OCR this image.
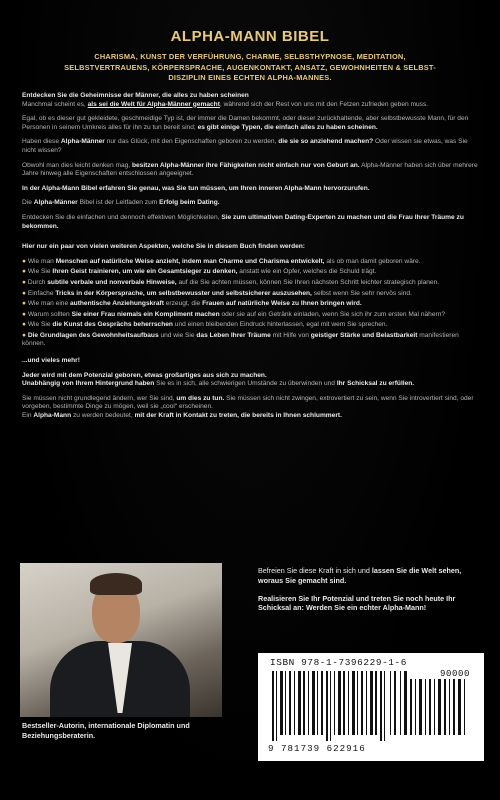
ALPHA-MANN BIBEL
CHARISMA, KUNST DER VERFÜHRUNG, CHARME, SELBSTHYPNOSE, MEDITATION, SELBSTVERTRAUENS, KÖRPERSPRACHE, AUGENKONTAKT, ANSATZ, GEWOHNHEITEN & SELBST-DISZIPLIN EINES ECHTEN ALPHA-MANNES.

Entdecken Sie die Geheimnisse der Männer, die alles zu haben scheinen
Manchmal scheint es, als sei die Welt für Alpha-Männer gemacht, während sich der Rest von uns mit den Fetzen zufrieden geben muss.

Egal, ob es dieser gut gekleidete, geschmeidige Typ ist, der immer die Damen bekommt, oder dieser zurückhaltende, aber selbstbewusste Mann, für den Personen in seinem Umkreis alles für ihn zu tun bereit sind; es gibt einige Typen, die einfach alles zu haben scheinen.

Haben diese Alpha-Männer nur das Glück, mit den Eigenschaften geboren zu werden, die sie so anziehend machen? Oder wissen sie etwas, was Sie nicht wissen?

Obwohl man dies leicht denken mag, besitzen Alpha-Männer ihre Fähigkeiten nicht einfach nur von Geburt an. Alpha-Männer haben sich über mehrere Jahre hinweg alle Eigenschaften entschlossen angeeignet.

In der Alpha-Mann Bibel erfahren Sie genau, was Sie tun müssen, um Ihren inneren Alpha-Mann hervorzurufen.

Die Alpha-Männer Bibel ist der Leitfaden zum Erfolg beim Dating.

Entdecken Sie die einfachen und dennoch effektiven Möglichkeiten, Sie zum ultimativen Dating-Experten zu machen und die Frau Ihrer Träume zu bekommen.

Hier nur ein paar von vielen weiteren Aspekten, welche Sie in diesem Buch finden werden:

● Wie man Menschen auf natürliche Weise anzieht, indem man Charme und Charisma entwickelt, als ob man damit geboren wäre.
● Wie Sie Ihren Geist trainieren, um wie ein Gesamtsieger zu denken, anstatt wie ein Opfer, welches die Schuld trägt.
● Durch subtile verbale und nonverbale Hinweise, auf die Sie achten müssen, können Sie Ihren nächsten Schritt leichter strategisch planen.
● Einfache Tricks in der Körpersprache, um selbstbewusster und selbstsicherer auszusehen, selbst wenn Sie sehr nervös sind.
● Wie man eine authentische Anziehungskraft erzeugt, die Frauen auf natürliche Weise zu Ihnen bringen wird.
● Warum sollten Sie einer Frau niemals ein Kompliment machen oder sie auf ein Getränk einladen, wenn Sie sich ihr zum ersten Mal nähern?
● Wie Sie die Kunst des Gesprächs beherrschen und einen bleibenden Eindruck hinterlassen, egal mit wem Sie sprechen.
● Die Grundlagen des Gewohnheitsaufbaus und wie Sie das Leben Ihrer Träume mit Hilfe von geistiger Stärke und Belastbarkeit manifestieren können.

...und vieles mehr!

Jeder wird mit dem Potenzial geboren, etwas großartiges aus sich zu machen.
Unabhängig von Ihrem Hintergrund haben Sie es in sich, alle schwierigen Umstände zu überwinden und Ihr Schicksal zu erfüllen.

Sie müssen nicht grundlegend ändern, wer Sie sind, um dies zu tun. Sie müssen sich nicht zwingen, extrovertiert zu sein, wenn Sie introvertiert sind, oder vorgeben, bestimmte Dinge zu mögen, weil sie „cool“ erscheinen.
Ein Alpha-Mann zu werden bedeutet, mit der Kraft in Kontakt zu treten, die bereits in Ihnen schlummert.

Bestseller-Autorin, internationale Diplomatin und Beziehungsberaterin.

Befreien Sie diese Kraft in sich und lassen Sie die Welt sehen, woraus Sie gemacht sind.

Realisieren Sie Ihr Potenzial und treten Sie noch heute Ihr Schicksal an: Werden Sie ein echter Alpha-Mann!

ISBN 978-1-7396229-1-6
90000
9 781739 622916
